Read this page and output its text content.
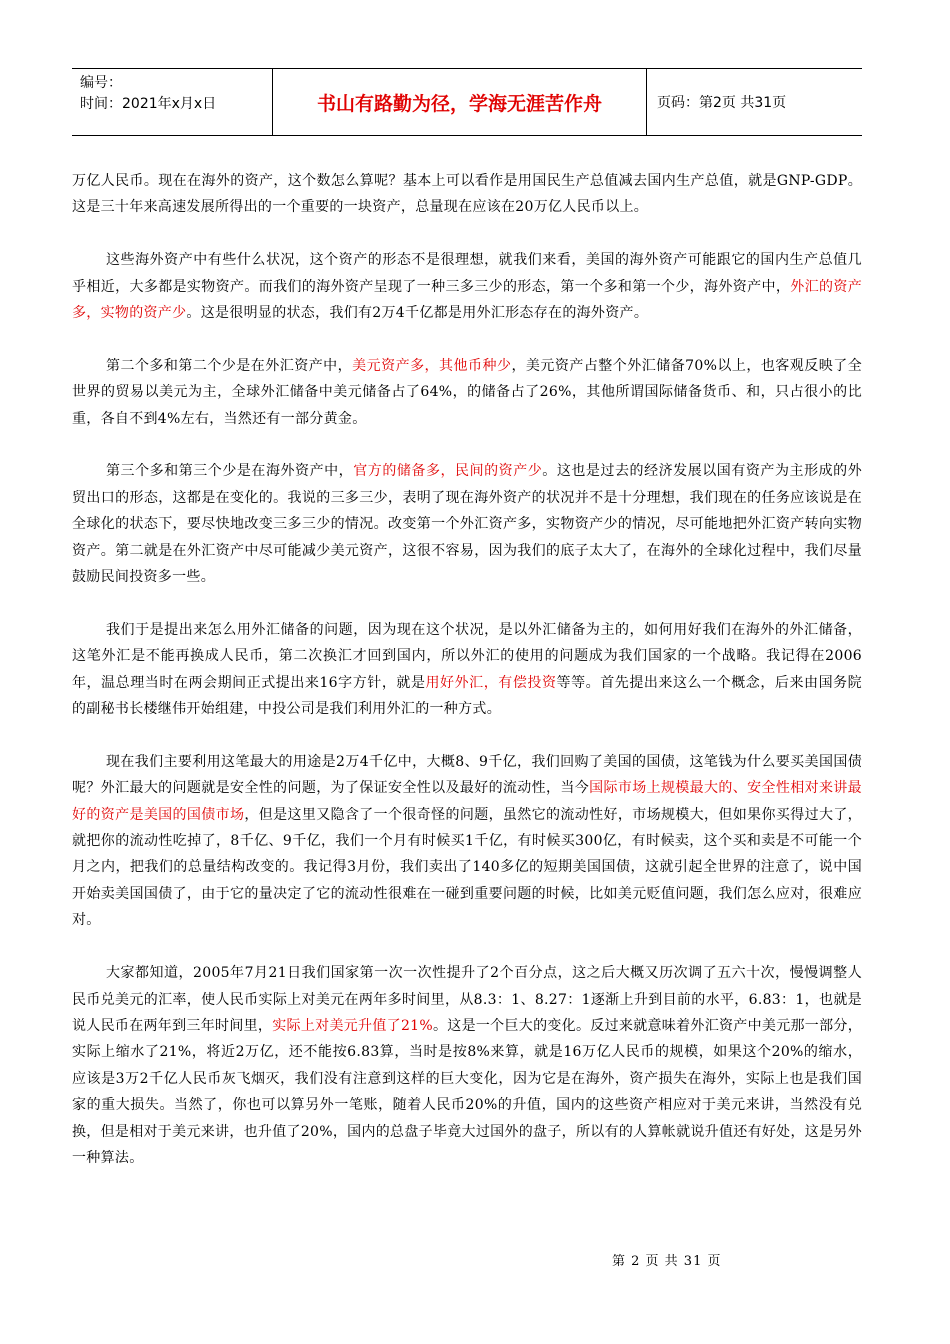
编号：
时间：2021年x月x日	书山有路勤为径，学海无涯苦作舟	页码：第2页 共31页

万亿人民币。现在在海外的资产，这个数怎么算呢？基本上可以看作是用国民生产总值减去国内生产总值，就是GNP-GDP。这是三十年来高速发展所得出的一个重要的一块资产，总量现在应该在20万亿人民币以上。

这些海外资产中有些什么状况，这个资产的形态不是很理想，就我们来看，美国的海外资产可能跟它的国内生产总值几乎相近，大多都是实物资产。而我们的海外资产呈现了一种三多三少的形态，第一个多和第一个少，海外资产中，外汇的资产多，实物的资产少。这是很明显的状态，我们有2万4千亿都是用外汇形态存在的海外资产。

第二个多和第二个少是在外汇资产中，美元资产多，其他币种少，美元资产占整个外汇储备70%以上，也客观反映了全世界的贸易以美元为主，全球外汇储备中美元储备占了64%，的储备占了26%，其他所谓国际储备货币、和，只占很小的比重，各自不到4%左右，当然还有一部分黄金。

第三个多和第三个少是在海外资产中，官方的储备多，民间的资产少。这也是过去的经济发展以国有资产为主形成的外贸出口的形态，这都是在变化的。我说的三多三少，表明了现在海外资产的状况并不是十分理想，我们现在的任务应该说是在全球化的状态下，要尽快地改变三多三少的情况。改变第一个外汇资产多，实物资产少的情况，尽可能地把外汇资产转向实物资产。第二就是在外汇资产中尽可能减少美元资产，这很不容易，因为我们的底子太大了，在海外的全球化过程中，我们尽量鼓励民间投资多一些。

我们于是提出来怎么用外汇储备的问题，因为现在这个状况，是以外汇储备为主的，如何用好我们在海外的外汇储备，这笔外汇是不能再换成人民币，第二次换汇才回到国内，所以外汇的使用的问题成为我们国家的一个战略。我记得在2006年，温总理当时在两会期间正式提出来16字方针，就是用好外汇，有偿投资等等。首先提出来这么一个概念，后来由国务院的副秘书长楼继伟开始组建，中投公司是我们利用外汇的一种方式。

现在我们主要利用这笔最大的用途是2万4千亿中，大概8、9千亿，我们回购了美国的国债，这笔钱为什么要买美国国债呢？外汇最大的问题就是安全性的问题，为了保证安全性以及最好的流动性，当今国际市场上规模最大的、安全性相对来讲最好的资产是美国的国债市场，但是这里又隐含了一个很奇怪的问题，虽然它的流动性好，市场规模大，但如果你买得过大了，就把你的流动性吃掉了，8千亿、9千亿，我们一个月有时候买1千亿，有时候买300亿，有时候卖，这个买和卖是不可能一个月之内，把我们的总量结构改变的。我记得3月份，我们卖出了140多亿的短期美国国债，这就引起全世界的注意了，说中国开始卖美国国债了，由于它的量决定了它的流动性很难在一碰到重要问题的时候，比如美元贬值问题，我们怎么应对，很难应对。

大家都知道，2005年7月21日我们国家第一次一次性提升了2个百分点，这之后大概又历次调了五六十次，慢慢调整人民币兑美元的汇率，使人民币实际上对美元在两年多时间里，从8.3：1、8.27：1逐渐上升到目前的水平，6.83：1，也就是说人民币在两年到三年时间里，实际上对美元升值了21%。这是一个巨大的变化。反过来就意味着外汇资产中美元那一部分，实际上缩水了21%，将近2万亿，还不能按6.83算，当时是按8%来算，就是16万亿人民币的规模，如果这个20%的缩水，应该是3万2千亿人民币灰飞烟灭，我们没有注意到这样的巨大变化，因为它是在海外，资产损失在海外，实际上也是我们国家的重大损失。当然了，你也可以算另外一笔账，随着人民币20%的升值，国内的这些资产相应对于美元来讲，当然没有兑换，但是相对于美元来讲，也升值了20%，国内的总盘子毕竟大过国外的盘子，所以有的人算帐就说升值还有好处，这是另外一种算法。

第 2 页 共 31 页
